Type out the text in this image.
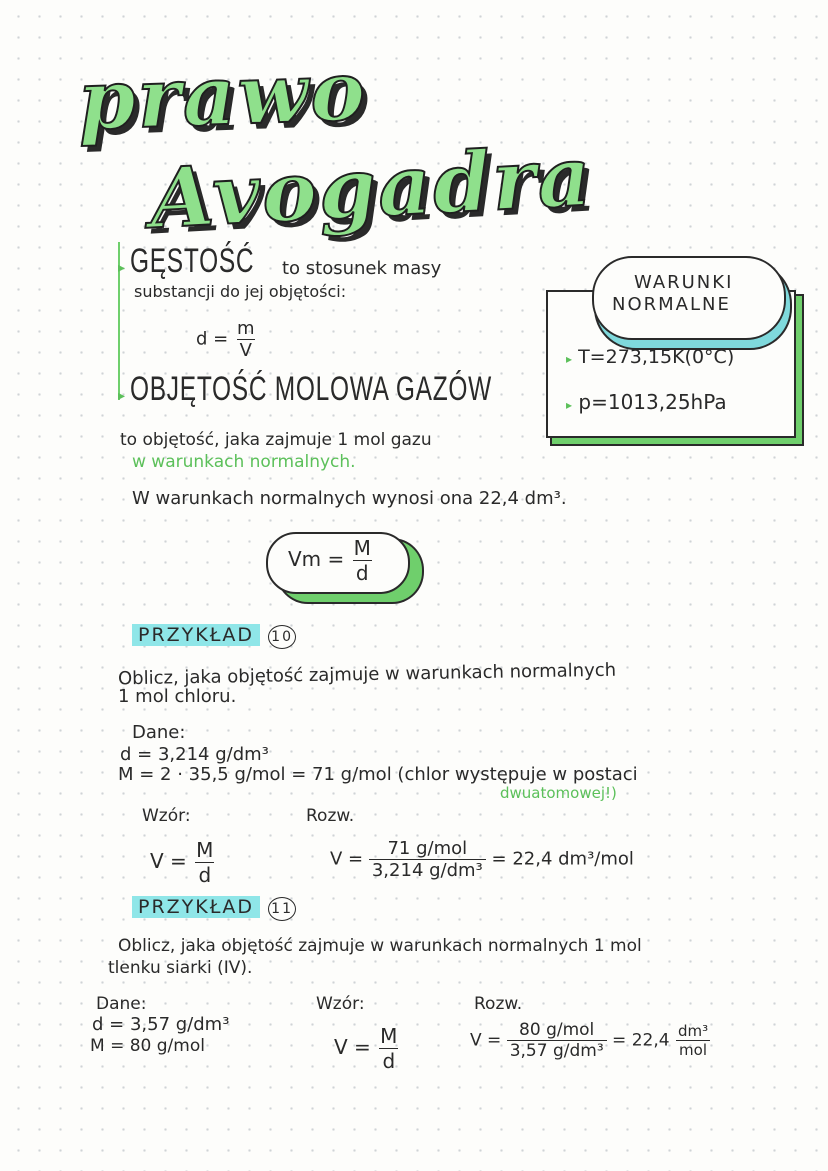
prawo
Avogadra
▸ GĘSTOŚĆ to stosunek masy
substancji do jej objętości:
$d = \frac{m}{V}$
WARUNKI
NORMALNE
▸ T=273,15K(0°C)
▸ p=1013,25hPa
▸ OBJĘTOŚĆ MOLOWA GAZÓW
to objętość, jaka zajmuje 1 mol gazu
w warunkach normalnych.
W warunkach normalnych wynosi ona 22,4 dm³.
$Vm = \frac{M}{d}$
PRZYKŁAD 10
Oblicz, jaka objętość zajmuje w warunkach normalnych
1 mol chloru.
Dane:
d = 3,214 g/dm³
M = 2 · 35,5 g/mol = 71 g/mol (chlor występuje w postaci
dwuatomowej!)
Wzór:	Rozw.
$V = \frac{M}{d}$	$V = \frac{\text{71 g/mol}}{\text{3,214 g/dm³}} = 22,4$ dm³/mol
PRZYKŁAD 11
Oblicz, jaka objętość zajmuje w warunkach normalnych 1 mol
tlenku siarki (IV).
Dane:
d = 3,57 g/dm³
M = 80 g/mol
Wzór:
$V = \frac{M}{d}$
Rozw.
$V = \frac{\text{80 g/mol}}{\text{3,57 g/dm³}} = 22,4 \frac{\text{dm³}}{\text{mol}}$
